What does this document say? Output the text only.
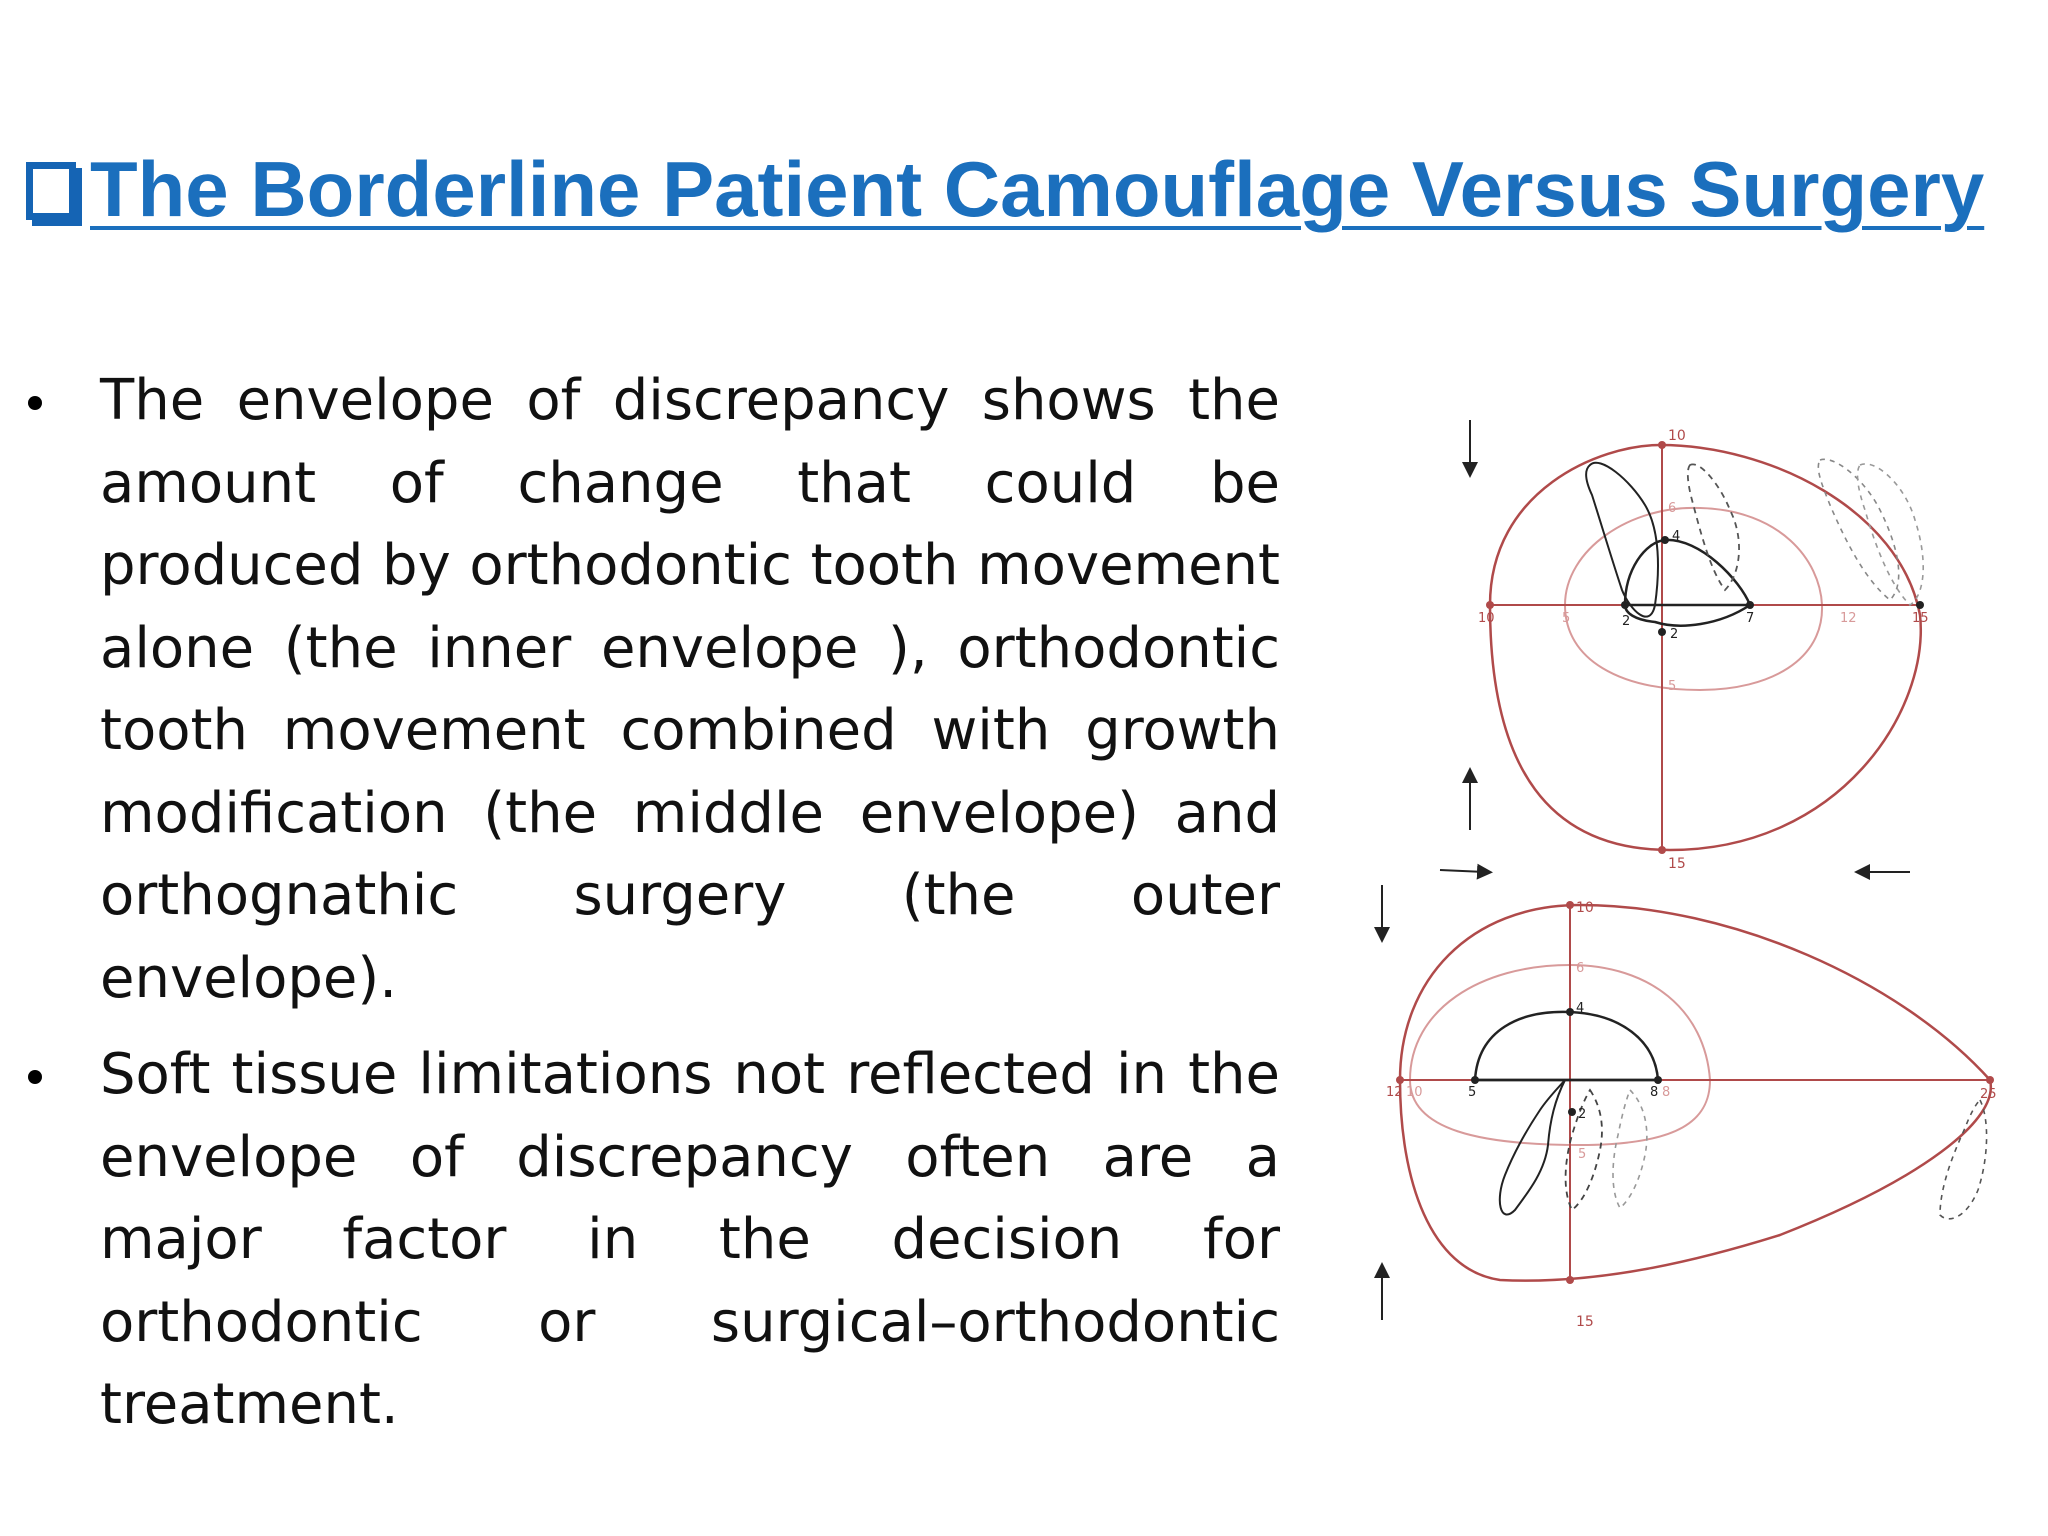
The Borderline Patient Camouflage Versus Surgery
The envelope of discrepancy shows the amount of change that could be produced by orthodontic tooth movement alone (the inner envelope ), orthodontic tooth movement combined with growth modification (the middle envelope) and orthognathic surgery (the outer envelope).
Soft tissue limitations not reflected in the envelope of discrepancy often are a major factor in the decision for orthodontic or surgical–orthodontic treatment.
10
6
4
10	5	2
2
7	12	15
5
15
10
6
4
12 10	5	8 8	25
2
5
15
